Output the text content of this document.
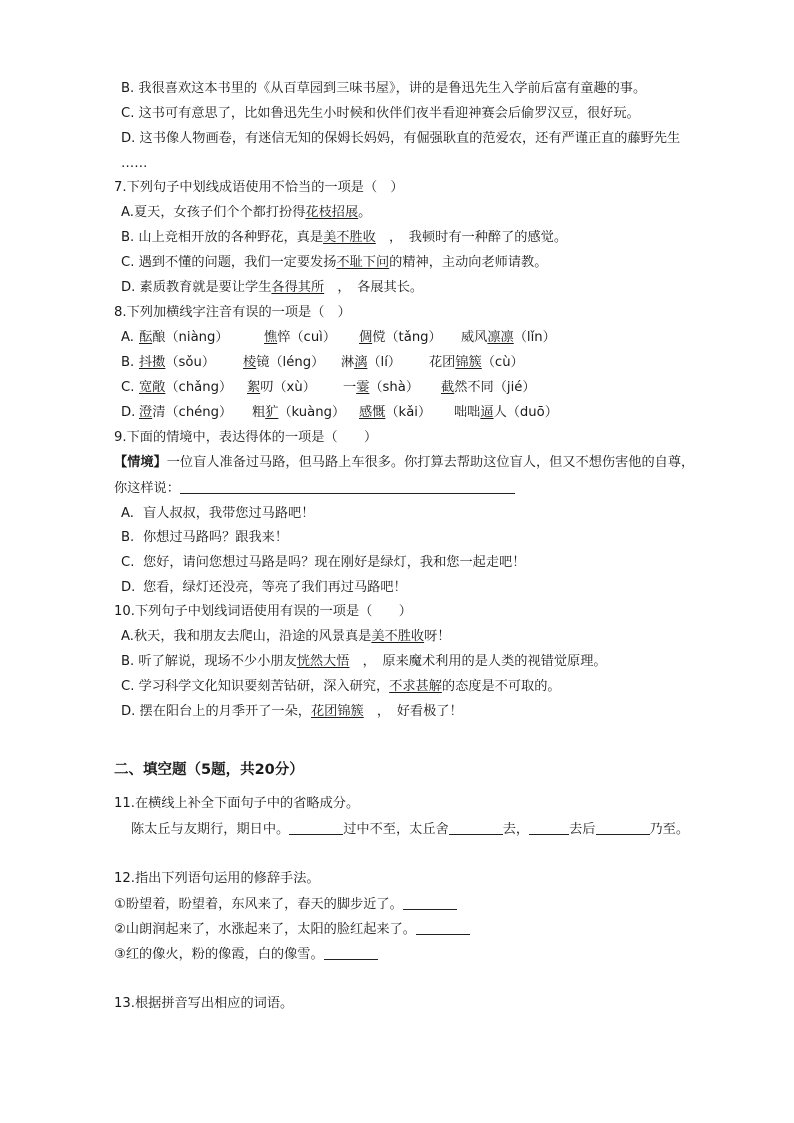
B. 我很喜欢这本书里的《从百草园到三味书屋》，讲的是鲁迅先生入学前后富有童趣的事。
C. 这书可有意思了，比如鲁迅先生小时候和伙伴们夜半看迎神赛会后偷罗汉豆，很好玩。
D. 这书像人物画卷，有迷信无知的保姆长妈妈，有倔强耿直的范爱农，还有严谨正直的藤野先生
……
7.下列句子中划线成语使用不恰当的一项是（　）
A.夏天，女孩子们个个都打扮得花枝招展。
B. 山上竞相开放的各种野花，真是美不胜收　，　我顿时有一种醉了的感觉。
C. 遇到不懂的问题，我们一定要发扬不耻下问的精神，主动向老师请教。
D. 素质教育就是要让学生各得其所　，　各展其长。
8.下列加横线字注音有误的一项是（　）
A. 酝酿（niàng）	憔悴（cuì） 倜傥（tǎng） 威风凛凛（lǐn）
B. 抖擞（sǒu） 棱镜（léng） 淋漓（lí） 花团锦簇（cù）
C. 宽敞（chǎng） 絮叨（xù） 一霎（shà） 截然不同（jié）
D. 澄清（chéng） 粗犷（kuàng） 感慨（kǎi） 咄咄逼人（duō）
9.下面的情境中，表达得体的一项是（　　）
【情境】一位盲人准备过马路，但马路上车很多。你打算去帮助这位盲人，但又不想伤害他的自尊，
你这样说：
A. 盲人叔叔，我带您过马路吧！
B. 你想过马路吗？跟我来！
C. 您好，请问您想过马路是吗？现在刚好是绿灯，我和您一起走吧！
D. 您看，绿灯还没亮，等亮了我们再过马路吧！
10.下列句子中划线词语使用有误的一项是（　　）
A.秋天，我和朋友去爬山，沿途的风景真是美不胜收呀！
B. 听了解说，现场不少小朋友恍然大悟　，　原来魔术利用的是人类的视错觉原理。
C. 学习科学文化知识要刻苦钻研，深入研究，不求甚解的态度是不可取的。
D. 摆在阳台上的月季开了一朵，花团锦簇　，　好看极了！
二、填空题（5题，共20分）
11.在横线上补全下面句子中的省略成分。
陈太丘与友期行，期日中。	过中不至，太丘舍	去，	去后	乃至。
12.指出下列语句运用的修辞手法。
①盼望着，盼望着，东风来了，春天的脚步近了。
②山朗润起来了，水涨起来了，太阳的脸红起来了。
③红的像火，粉的像霞，白的像雪。
13.根据拼音写出相应的词语。
